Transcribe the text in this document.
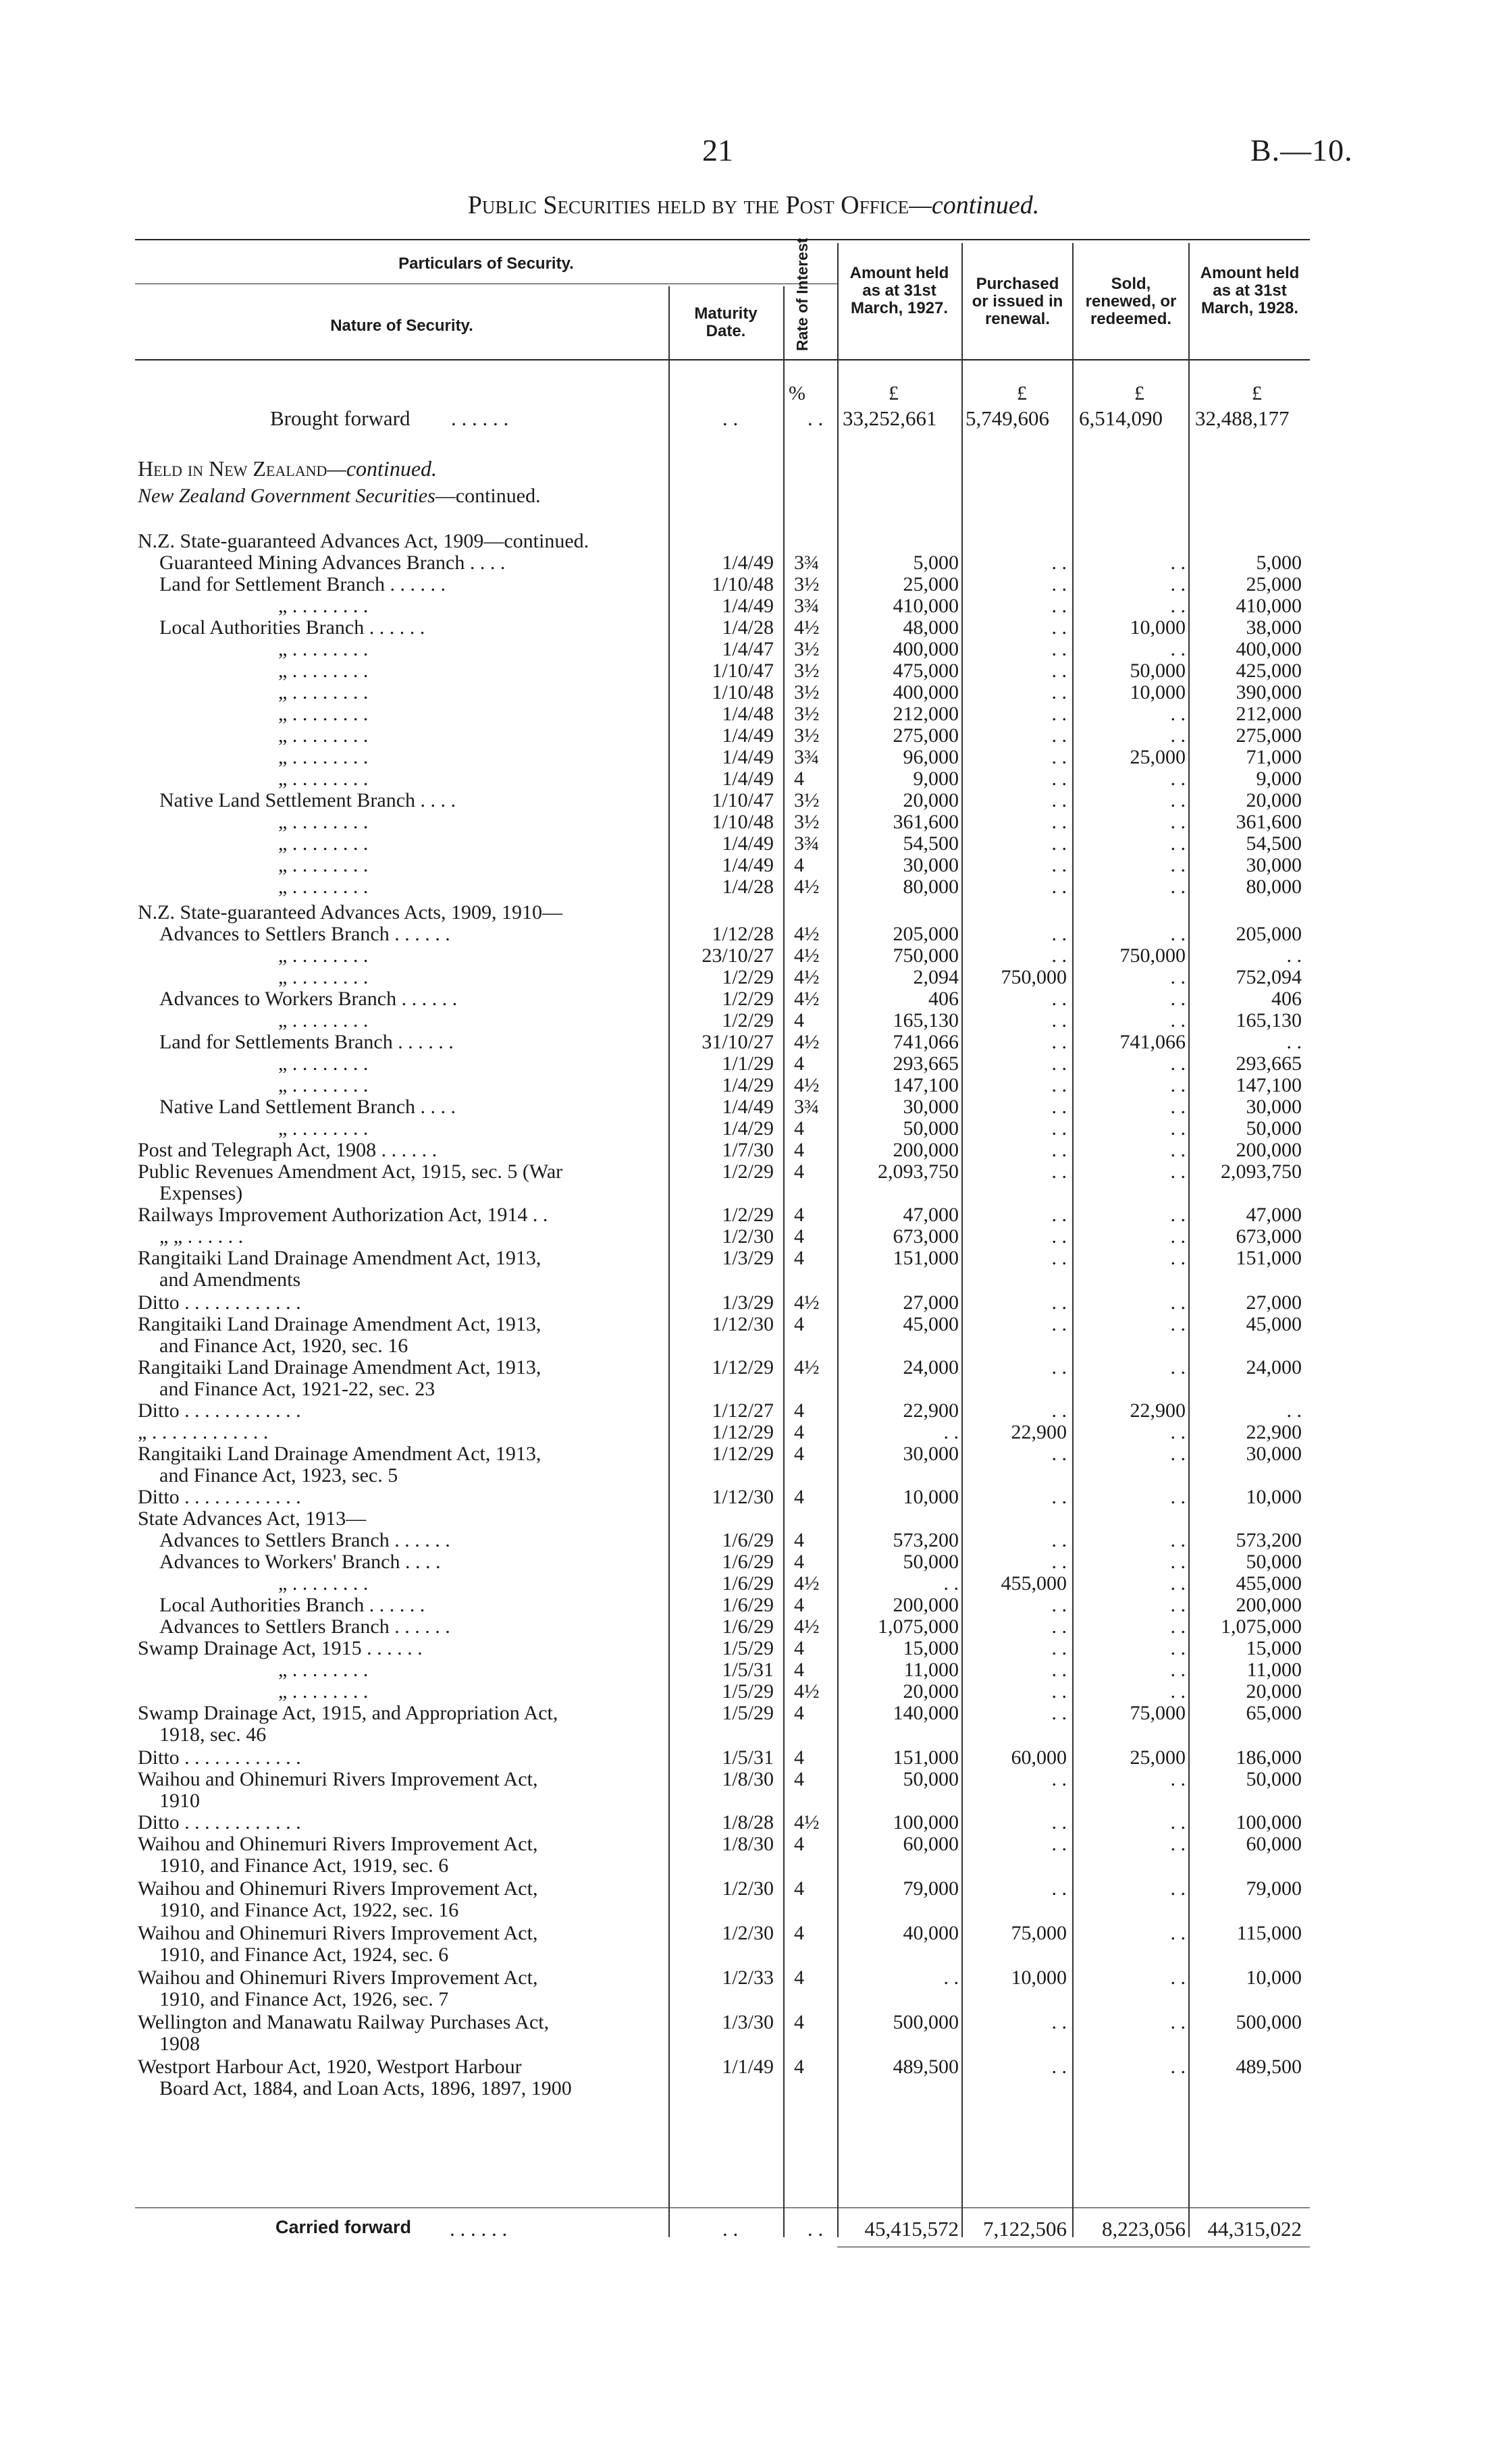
21	B.—10.
Public Securities held by the Post Office—continued.
Particulars of Security.
Nature of Security.
Maturity Date.	Rate of Interest	Amount held as at 31st March, 1927.
Purchased or issued in renewal.
Sold, renewed, or redeemed.
Amount held as at 31st March, 1928.
%	£	£	£	£
Brought forward . . . . . .	. .	. . 33,252,661 5,749,606 6,514,090 32,488,177
Held in New Zealand—continued.
New Zealand Government Securities—continued.
N.Z. State-guaranteed Advances Act, 1909—continued.
Guaranteed Mining Advances Branch . . . .	1/4/49 3¾	5,000	. .	. .	5,000
Land for Settlement Branch . . . . . .	1/10/48 3½	25,000	. .	. .	25,000
„ . . . . . . . .	1/4/49 3¾	410,000	. .	. .	410,000
Local Authorities Branch . . . . . .	1/4/28 4½	48,000	. .	10,000	38,000
„ . . . . . . . .	1/4/47 3½	400,000	. .	. .	400,000
„ . . . . . . . .	1/10/47 3½	475,000	. .	50,000	425,000
„ . . . . . . . .	1/10/48 3½	400,000	. .	10,000	390,000
„ . . . . . . . .	1/4/48 3½	212,000	. .	. .	212,000
„ . . . . . . . .	1/4/49 3½	275,000	. .	. .	275,000
„ . . . . . . . .	1/4/49 3¾	96,000	. .	25,000	71,000
„ . . . . . . . .	1/4/49 4	9,000	. .	. .	9,000
Native Land Settlement Branch . . . .	1/10/47 3½	20,000	. .	. .	20,000
„ . . . . . . . .	1/10/48 3½	361,600	. .	. .	361,600
„ . . . . . . . .	1/4/49 3¾	54,500	. .	. .	54,500
„ . . . . . . . .	1/4/49 4	30,000	. .	. .	30,000
„ . . . . . . . .	1/4/28 4½	80,000	. .	. .	80,000
N.Z. State-guaranteed Advances Acts, 1909, 1910—
Advances to Settlers Branch . . . . . .	1/12/28 4½	205,000	. .	. .	205,000
„ . . . . . . . .	23/10/27 4½	750,000	. .	750,000	. .
„ . . . . . . . .	1/2/29 4½	2,094	750,000	. .	752,094
Advances to Workers Branch . . . . . .	1/2/29 4½	406	. .	. .	406
„ . . . . . . . .	1/2/29 4	165,130	. .	. .	165,130
Land for Settlements Branch . . . . . .	31/10/27 4½	741,066	. .	741,066	. .
„ . . . . . . . .	1/1/29 4	293,665	. .	. .	293,665
„ . . . . . . . .	1/4/29 4½	147,100	. .	. .	147,100
Native Land Settlement Branch . . . .	1/4/49 3¾	30,000	. .	. .	30,000
„ . . . . . . . .	1/4/29 4	50,000	. .	. .	50,000
Post and Telegraph Act, 1908 . . . . . .	1/7/30 4	200,000	. .	. .	200,000
Public Revenues Amendment Act, 1915, sec. 5 (War	1/2/29 4	2,093,750	. .	. .	2,093,750
Expenses)
Railways Improvement Authorization Act, 1914 . .	1/2/29 4	47,000	. .	. .	47,000
„ „ . . . . . .	1/2/30 4	673,000	. .	. .	673,000
Rangitaiki Land Drainage Amendment Act, 1913,	1/3/29 4	151,000	. .	. .	151,000
and Amendments
Ditto . . . . . . . . . . . .	1/3/29 4½	27,000	. .	. .	27,000
Rangitaiki Land Drainage Amendment Act, 1913,	1/12/30 4	45,000	. .	. .	45,000
and Finance Act, 1920, sec. 16
Rangitaiki Land Drainage Amendment Act, 1913,	1/12/29 4½	24,000	. .	. .	24,000
and Finance Act, 1921-22, sec. 23
Ditto . . . . . . . . . . . .	1/12/27 4	22,900	. .	22,900	. .
„ . . . . . . . . . . . .	1/12/29 4	. .	22,900	. .	22,900
Rangitaiki Land Drainage Amendment Act, 1913,	1/12/29 4	30,000	. .	. .	30,000
and Finance Act, 1923, sec. 5
Ditto . . . . . . . . . . . .	1/12/30 4	10,000	. .	. .	10,000
State Advances Act, 1913—
Advances to Settlers Branch . . . . . .	1/6/29 4	573,200	. .	. .	573,200
Advances to Workers' Branch . . . .	1/6/29 4	50,000	. .	. .	50,000
„ . . . . . . . .	1/6/29 4½	. .	455,000	. .	455,000
Local Authorities Branch . . . . . .	1/6/29 4	200,000	. .	. .	200,000
Advances to Settlers Branch . . . . . .	1/6/29 4½	1,075,000	. .	. .	1,075,000
Swamp Drainage Act, 1915 . . . . . .	1/5/29 4	15,000	. .	. .	15,000
„ . . . . . . . .	1/5/31 4	11,000	. .	. .	11,000
„ . . . . . . . .	1/5/29 4½	20,000	. .	. .	20,000
Swamp Drainage Act, 1915, and Appropriation Act,	1/5/29 4	140,000	. .	75,000	65,000
1918, sec. 46
Ditto . . . . . . . . . . . .	1/5/31 4	151,000	60,000	25,000	186,000
Waihou and Ohinemuri Rivers Improvement Act,	1/8/30 4	50,000	. .	. .	50,000
1910
Ditto . . . . . . . . . . . .	1/8/28 4½	100,000	. .	. .	100,000
Waihou and Ohinemuri Rivers Improvement Act,	1/8/30 4	60,000	. .	. .	60,000
1910, and Finance Act, 1919, sec. 6
Waihou and Ohinemuri Rivers Improvement Act,	1/2/30 4	79,000	. .	. .	79,000
1910, and Finance Act, 1922, sec. 16
Waihou and Ohinemuri Rivers Improvement Act,	1/2/30 4	40,000	75,000	. .	115,000
1910, and Finance Act, 1924, sec. 6
Waihou and Ohinemuri Rivers Improvement Act,	1/2/33 4	. .	10,000	. .	10,000
1910, and Finance Act, 1926, sec. 7
Wellington and Manawatu Railway Purchases Act,	1/3/30 4	500,000	. .	. .	500,000
1908
Westport Harbour Act, 1920, Westport Harbour	1/1/49 4	489,500	. .	. .	489,500
Board Act, 1884, and Loan Acts, 1896, 1897, 1900
Carried forward . . . . . .	. .	. .	45,415,572	7,122,506	8,223,056	44,315,022
